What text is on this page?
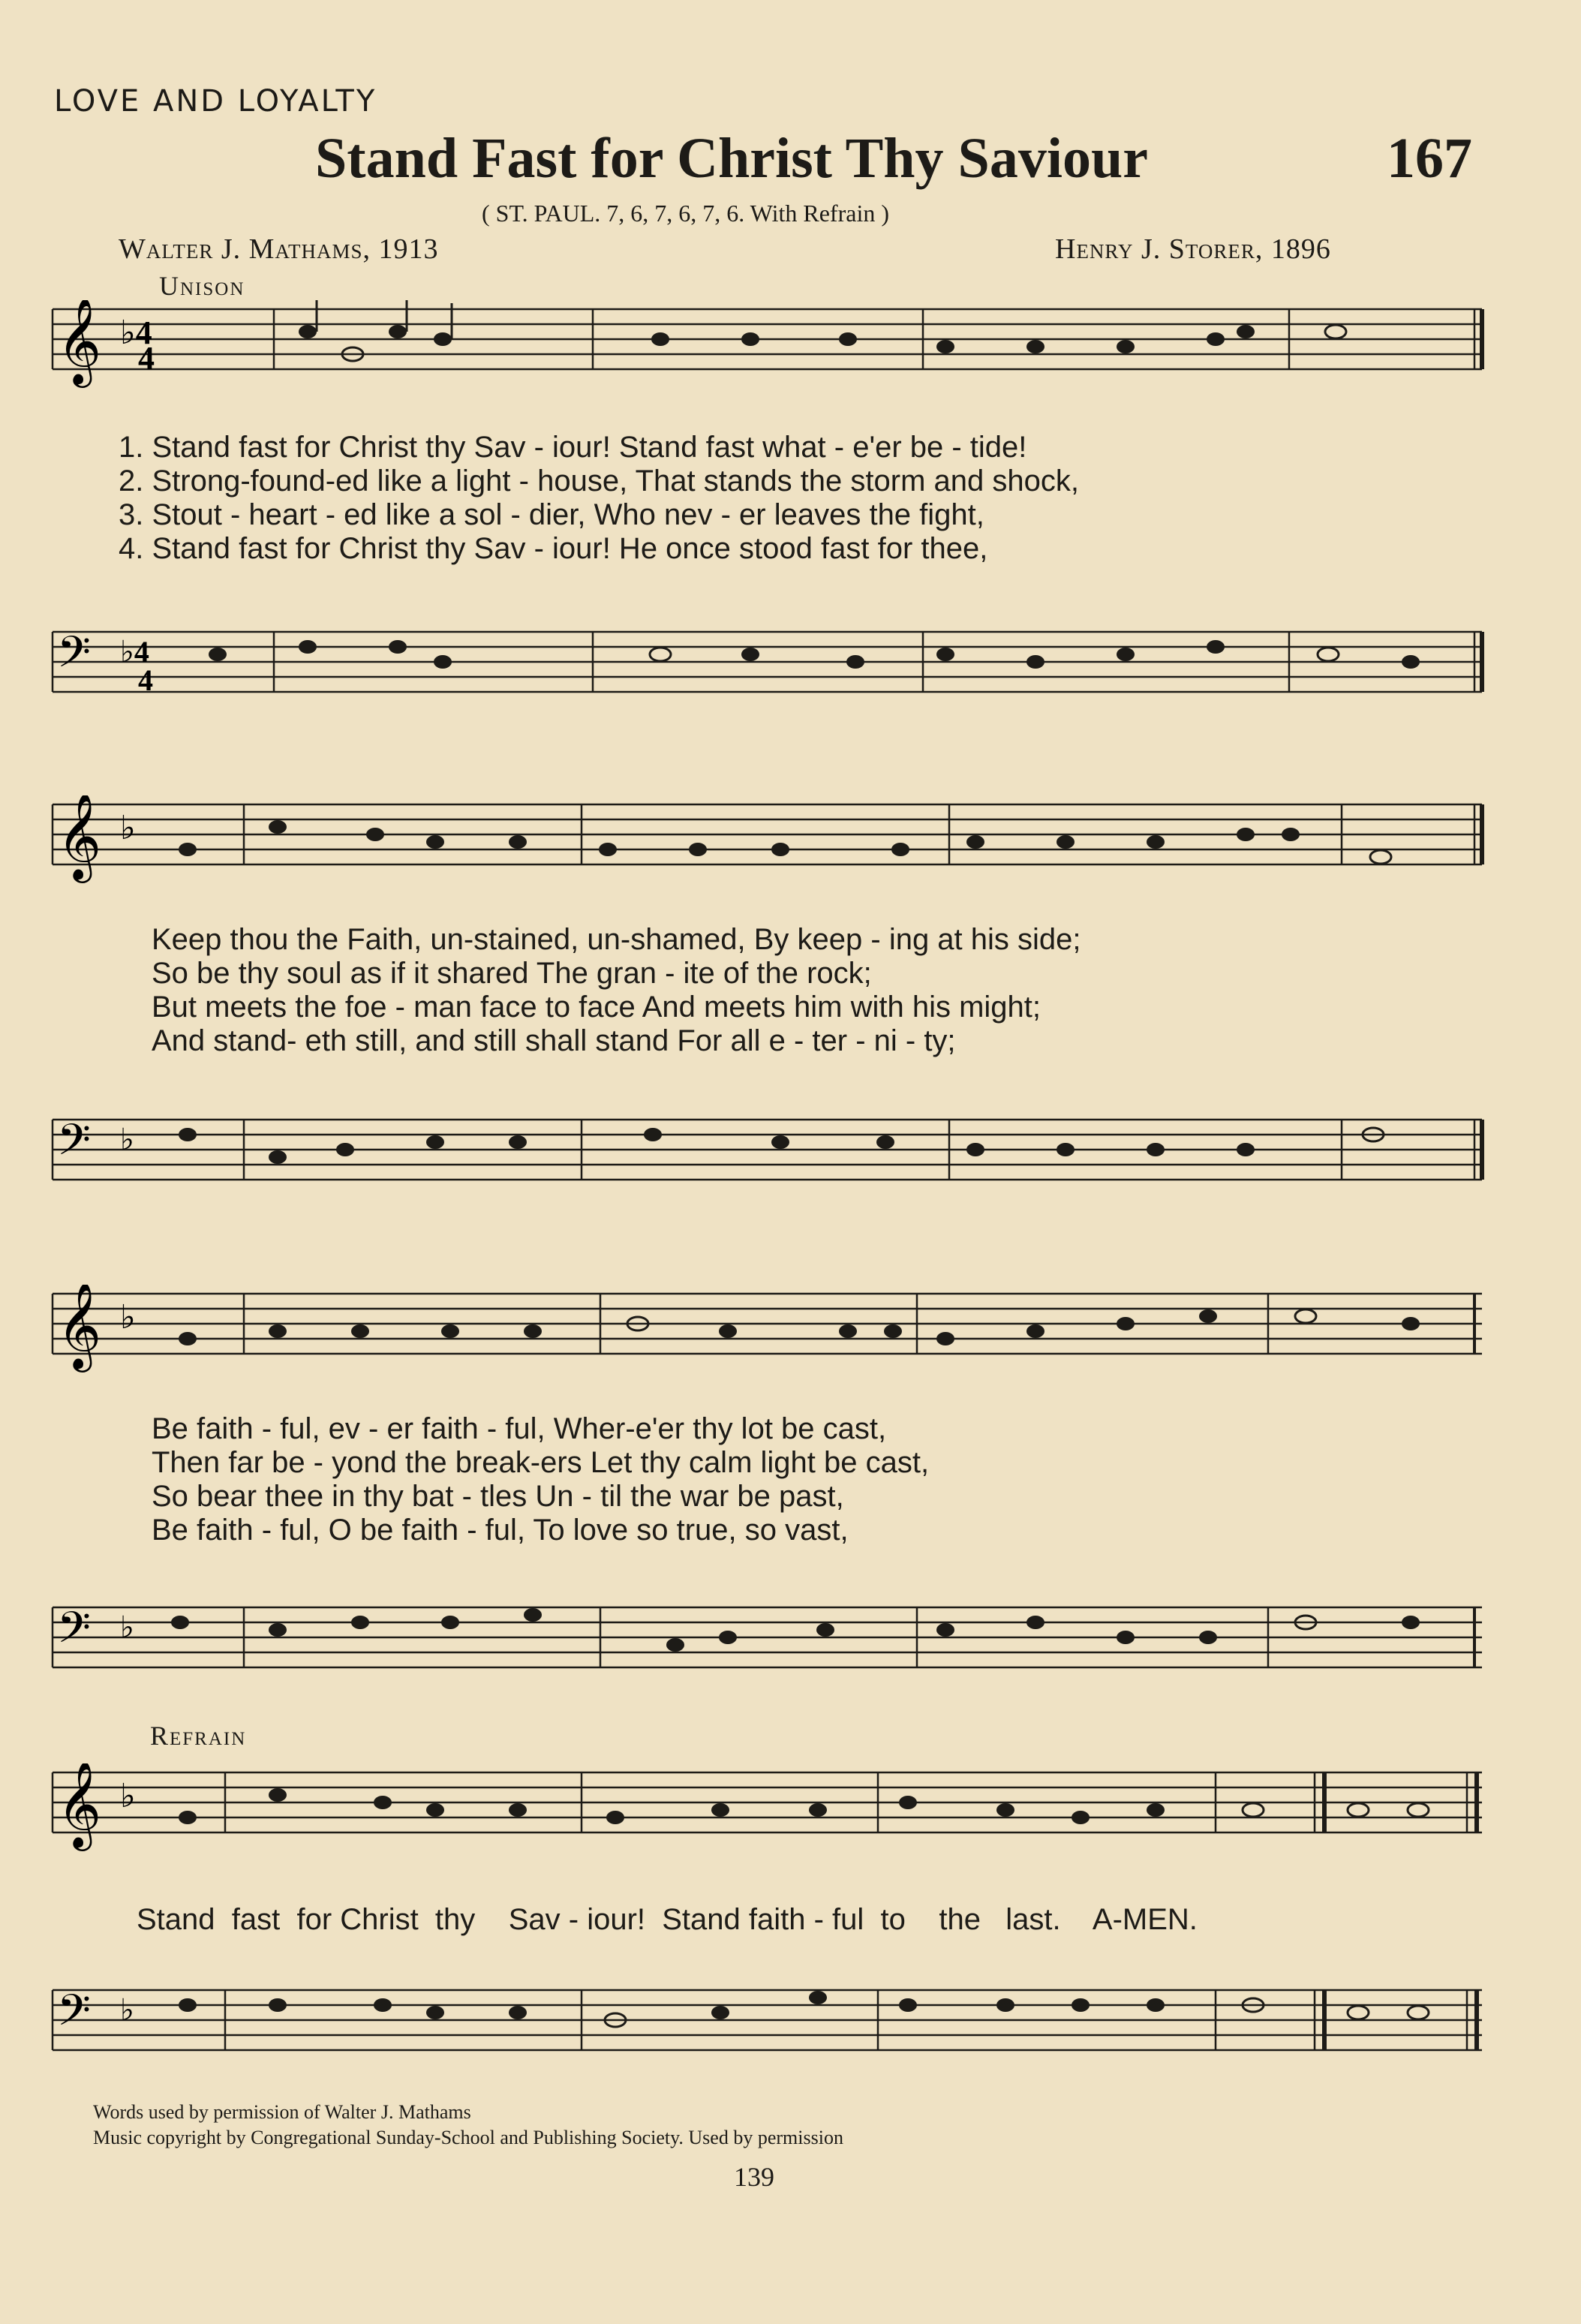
LOVE AND LOYALTY
Stand Fast for Christ Thy Saviour	167
( ST. PAUL. 7, 6, 7, 6, 7, 6. With Refrain )
Walter J. Mathams, 1913	Henry J. Storer, 1896
Unison
𝄞 ♭4
4
1. Stand fast for Christ thy Sav - iour! Stand fast what - e'er be - tide!
2. Strong-found-ed like a light - house, That stands the storm and shock,
3. Stout - heart - ed like a sol - dier, Who nev - er leaves the fight,
4. Stand fast for Christ thy Sav - iour! He once stood fast for thee,
𝄢 ♭4
4
𝄞 ♭
Keep thou the Faith, un-stained, un-shamed, By keep - ing at his side;
So be thy soul as if it shared The gran - ite of the rock;
But meets the foe - man face to face And meets him with his might;
And stand- eth still, and still shall stand For all e - ter - ni - ty;
𝄢 ♭
𝄞 ♭
Be faith - ful, ev - er faith - ful, Wher-e'er thy lot be cast,
Then far be - yond the break-ers Let thy calm light be cast,
So bear thee in thy bat - tles Un - til the war be past,
Be faith - ful, O be faith - ful, To love so true, so vast,
𝄢 ♭
Refrain
𝄞 ♭
Stand  fast  for Christ  thy    Sav - iour!  Stand faith - ful  to    the   last.    A-MEN.
𝄢 ♭
Words used by permission of Walter J. Mathams
Music copyright by Congregational Sunday-School and Publishing Society. Used by permission
139
